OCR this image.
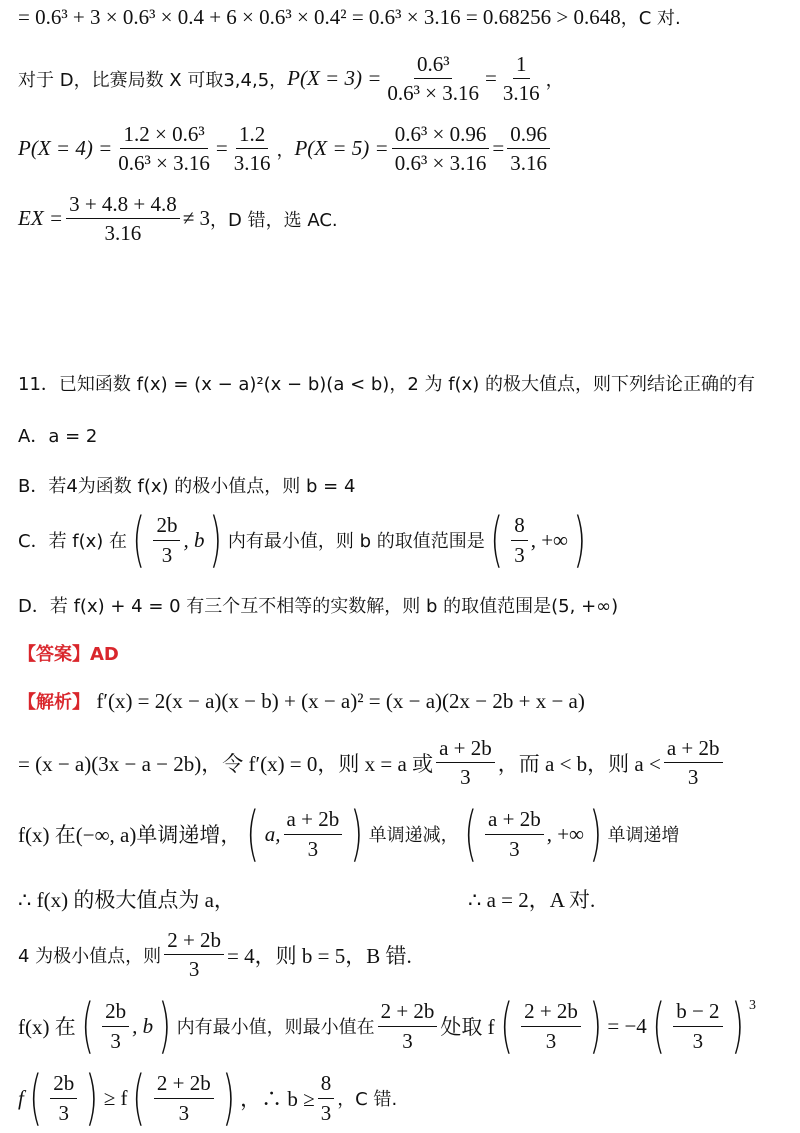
= 0.6³ + 3 × 0.6³ × 0.4 + 6 × 0.6³ × 0.4² = 0.6³ × 3.16 = 0.68256 > 0.648，C 对.
对于 D，比赛局数 X 可取3,4,5， $P(X = 3) = \frac{\text{0.6³}}{\text{0.6³ × 3.16}} = \frac{1}{3.16}$ ，
$P(X = 4) = \frac{\text{1.2 × 0.6³}}{\text{0.6³ × 3.16}} = \frac{1.2}{3.16}$ ， $P(X = 5) = \frac{\text{0.6³ × 0.96}}{\text{0.6³ × 3.16}} = \frac{0.96}{3.16}$
EX = $\frac{3 + 4.8 + 4.8}{3.16} \ne 3$ ，D 错，选 AC.
11．已知函数 f(x) = (x − a)²(x − b)(a < b)，2 为 f(x) 的极大值点，则下列结论正确的有
A．a = 2
B．若4为函数 f(x) 的极小值点，则 b = 4
C．若 f(x) 在 ( $\frac{2b}{3}$ , b ) 内有最小值，则 b 的取值范围是 ( $\frac{8}{3}$ , +∞ )
D．若 f(x) + 4 = 0 有三个互不相等的实数解，则 b 的取值范围是(5, +∞)
【答案】AD
【解析】 f′(x) = 2(x − a)(x − b) + (x − a)² = (x − a)(2x − 2b + x − a)
= (x − a)(3x − a − 2b)，令 f′(x) = 0，则 x = a 或 $\frac{a + 2b}{3}$ ，而 a < b，则 $a < \frac{a + 2b}{3}$
f(x) 在(−∞, a)单调递增， ( a, $\frac{a + 2b}{3}$ ) 单调递减， ( $\frac{a + 2b}{3}$ , +∞ ) 单调递增
∴ f(x) 的极大值点为 a，	∴ a = 2，A 对.
4 为极小值点，则 $\frac{2 + 2b}{3} = 4$，则 b = 5，B 错.
f(x) 在 ( $\frac{2b}{3}$ , b ) 内有最小值，则最小值在 $\frac{2 + 2b}{3}$ 处取 f ( $\frac{2 + 2b}{3}$ ) = −4 ( $\frac{b - 2}{3}$ ) 3
f ( $\frac{2b}{3}$ ) ≥ f ( $\frac{2 + 2b}{3}$ ) ，∴ $b \ge \frac{8}{3}$ ，C 错.
